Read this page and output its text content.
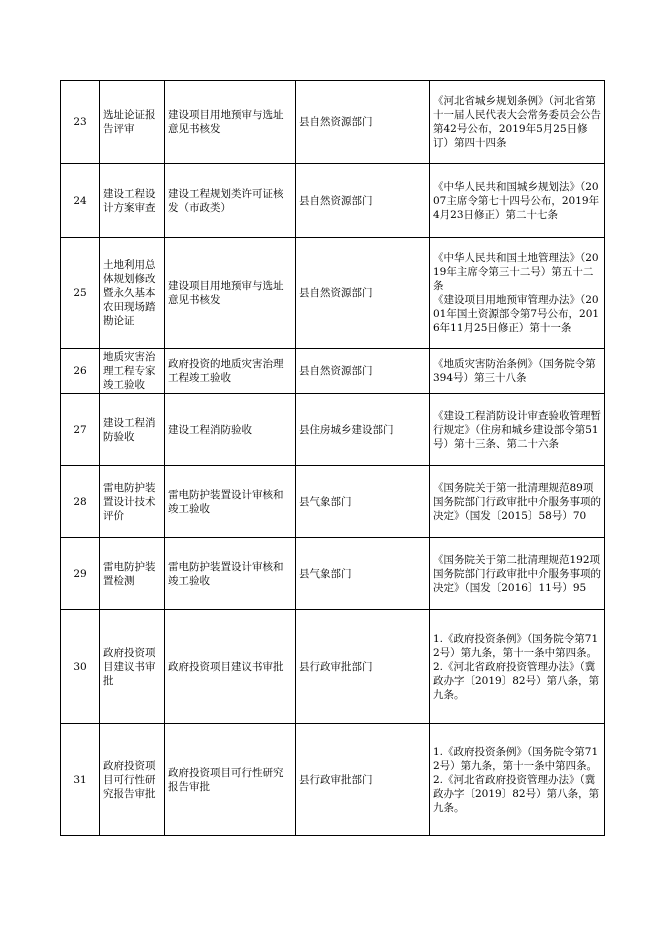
23	选址论证报告评审	建设项目用地预审与选址意见书核发	县自然资源部门	《河北省城乡规划条例》（河北省第十一届人民代表大会常务委员会公告第42号公布，2019年5月25日修订）第四十四条

24	建设工程设计方案审查	建设工程规划类许可证核发（市政类）	县自然资源部门	《中华人民共和国城乡规划法》（2007主席令第七十四号公布，2019年4月23日修正）第二十七条

25	土地利用总体规划修改暨永久基本农田现场踏勘论证	建设项目用地预审与选址意见书核发	县自然资源部门	《中华人民共和国土地管理法》（2019年主席令第三十二号）第五十二条
《建设项目用地预审管理办法》（2001年国土资源部令第7号公布，2016年11月25日修正）第十一条

26	地质灾害治理工程专家竣工验收	政府投资的地质灾害治理工程竣工验收	县自然资源部门	《地质灾害防治条例》（国务院令第394号）第三十八条

27	建设工程消防验收	建设工程消防验收	县住房城乡建设部门	《建设工程消防设计审查验收管理暂行规定》（住房和城乡建设部令第51号）第十三条、第二十六条

28	雷电防护装置设计技术评价	雷电防护装置设计审核和竣工验收	县气象部门	《国务院关于第一批清理规范89项国务院部门行政审批中介服务事项的决定》（国发〔2015〕58号）70

29	雷电防护装置检测	雷电防护装置设计审核和竣工验收	县气象部门	《国务院关于第二批清理规范192项国务院部门行政审批中介服务事项的决定》（国发〔2016〕11号）95

30	政府投资项目建议书审批	政府投资项目建议书审批	县行政审批部门	1.《政府投资条例》（国务院令第712号）第九条，第十一条中第四条。2.《河北省政府投资管理办法》（冀政办字〔2019〕82号）第八条，第九条。

31	政府投资项目可行性研究报告审批	政府投资项目可行性研究报告审批	县行政审批部门	1.《政府投资条例》（国务院令第712号）第九条，第十一条中第四条。2.《河北省政府投资管理办法》（冀政办字〔2019〕82号）第八条，第九条。
